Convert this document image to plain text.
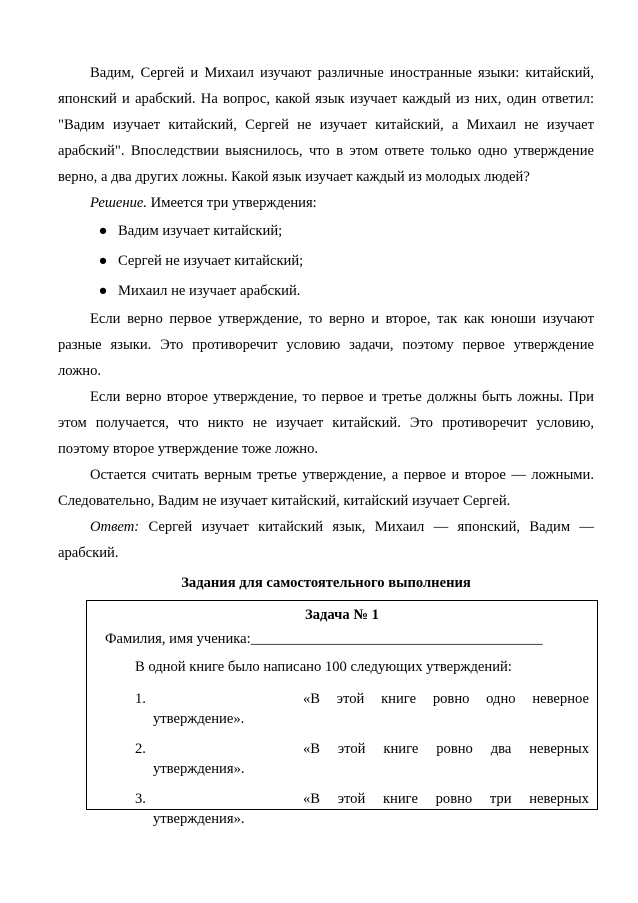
Вадим, Сергей и Михаил изучают различные иностранные языки: китайский, японский и арабский. На вопрос, какой язык изучает каждый из них, один ответил: "Вадим изучает китайский, Сергей не изучает китайский, а Михаил не изучает арабский". Впоследствии выяснилось, что в этом ответе только одно утверждение верно, а два других ложны. Какой язык изучает каждый из молодых людей?

Решение. Имеется три утверждения:

● Вадим изучает китайский;
● Сергей не изучает китайский;
● Михаил не изучает арабский.

Если верно первое утверждение, то верно и второе, так как юноши изучают разные языки. Это противоречит условию задачи, поэтому первое утверждение ложно.

Если верно второе утверждение, то первое и третье должны быть ложны. При этом получается, что никто не изучает китайский. Это противоречит условию, поэтому второе утверждение тоже ложно.

Остается считать верным третье утверждение, а первое и второе — ложными. Следовательно, Вадим не изучает китайский, китайский изучает Сергей.

Ответ: Сергей изучает китайский язык, Михаил — японский, Вадим — арабский.

Задания для самостоятельного выполнения
Задача № 1
Фамилия, имя ученика:________________________________________
В одной книге было написано 100 следующих утверждений:
1.	«В этой книге ровно одно неверное
утверждение».
2.	«В этой книге ровно два неверных
утверждения».
3.	«В этой книге ровно три неверных
утверждения».
